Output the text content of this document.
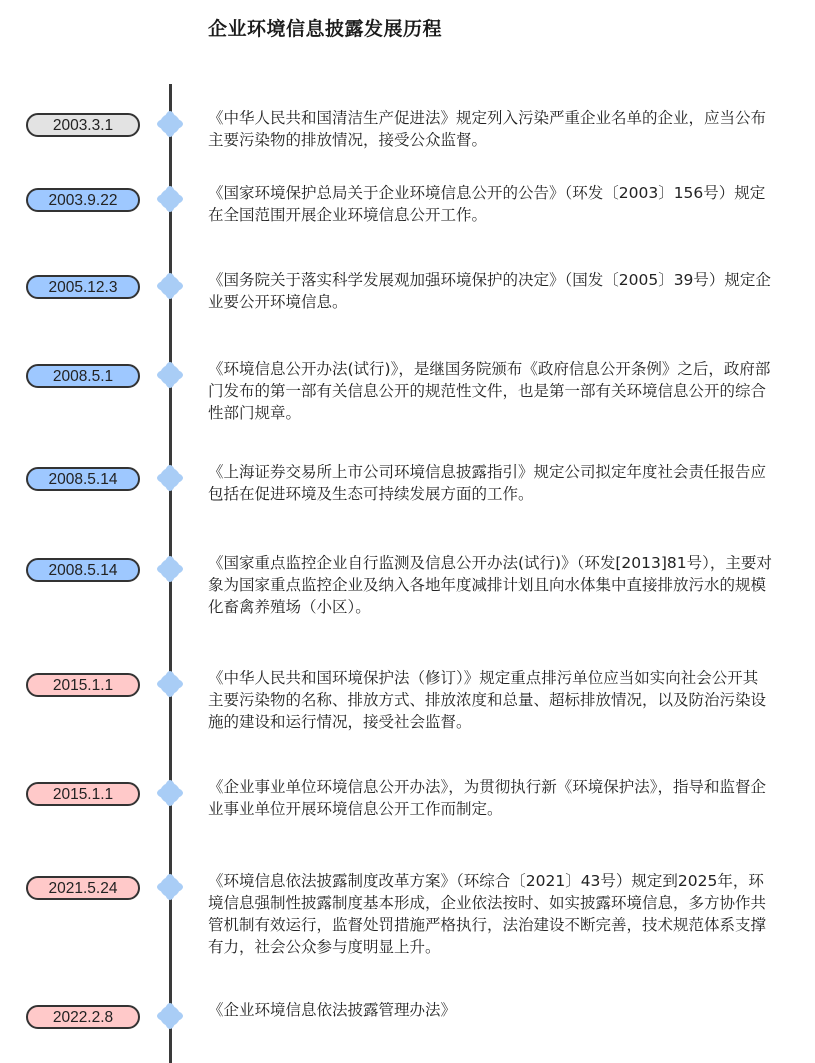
企业环境信息披露发展历程
2003.3.1	《中华人民共和国清洁生产促进法》规定列入污染严重企业名单的企业，应当公布主要污染物的排放情况，接受公众监督。

2003.9.22	《国家环境保护总局关于企业环境信息公开的公告》（环发〔2003〕156号）规定在全国范围开展企业环境信息公开工作。

2005.12.3	《国务院关于落实科学发展观加强环境保护的决定》（国发〔2005〕39号）规定企业要公开环境信息。

2008.5.1	《环境信息公开办法(试行)》，是继国务院颁布《政府信息公开条例》之后，政府部门发布的第一部有关信息公开的规范性文件，也是第一部有关环境信息公开的综合性部门规章。

2008.5.14	《上海证券交易所上市公司环境信息披露指引》规定公司拟定年度社会责任报告应包括在促进环境及生态可持续发展方面的工作。

2008.5.14	《国家重点监控企业自行监测及信息公开办法(试行)》（环发[2013]81号），主要对象为国家重点监控企业及纳入各地年度减排计划且向水体集中直接排放污水的规模化畜禽养殖场（小区）。

2015.1.1	《中华人民共和国环境保护法（修订）》规定重点排污单位应当如实向社会公开其主要污染物的名称、排放方式、排放浓度和总量、超标排放情况，以及防治污染设施的建设和运行情况，接受社会监督。

2015.1.1	《企业事业单位环境信息公开办法》，为贯彻执行新《环境保护法》，指导和监督企业事业单位开展环境信息公开工作而制定。

2021.5.24	《环境信息依法披露制度改革方案》（环综合〔2021〕43号）规定到2025年，环境信息强制性披露制度基本形成，企业依法按时、如实披露环境信息，多方协作共管机制有效运行，监督处罚措施严格执行，法治建设不断完善，技术规范体系支撑有力，社会公众参与度明显上升。

2022.2.8	《企业环境信息依法披露管理办法》
